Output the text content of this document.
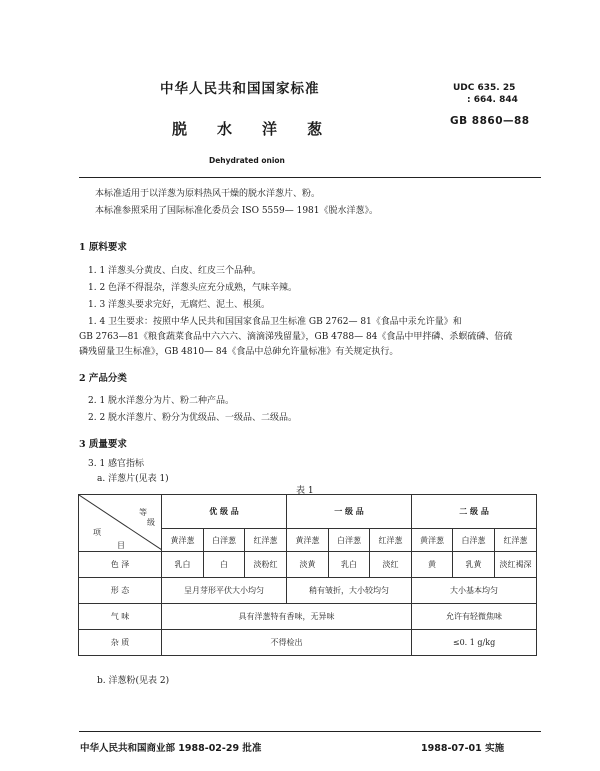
中华人民共和国国家标准	UDC 635. 25
: 664. 844
脱 水 洋 葱	GB 8860—88
Dehydrated onion
本标准适用于以洋葱为原料热风干燥的脱水洋葱片、粉。
本标准参照采用了国际标准化委员会 ISO 5559— 1981《脱水洋葱》。
1 原料要求
1. 1 洋葱头分黄皮、白皮、红皮三个品种。
1. 2 色泽不得混杂，洋葱头应充分成熟，气味辛辣。
1. 3 洋葱头要求完好，无腐烂、泥土、根须。
1. 4 卫生要求：按照中华人民共和国国家食品卫生标准 GB 2762— 81《食品中汞允许量》和
GB 2763—81《粮食蔬菜食品中六六六、滴滴涕残留量》，GB 4788— 84《食品中甲拌磷、杀螟硫磷、倍硫
磷残留量卫生标准》，GB 4810— 84《食品中总砷允许量标准》有关规定执行。
2 产品分类
2. 1 脱水洋葱分为片、粉二种产品。
2. 2 脱水洋葱片、粉分为优级品、一级品、二级品。
3 质量要求
3. 1 感官指标
a. 洋葱片(见表 1)
表 1
等
级
项
目	优 级 品			一 级 品			二 级 品		
	黄洋葱	白洋葱	红洋葱	黄洋葱	白洋葱	红洋葱	黄洋葱	白洋葱	红洋葱
色 泽	乳白	白	淡粉红	淡黄	乳白	淡红	黄	乳黄	淡红褐深
形 态	呈月芽形平伏大小均匀			稍有皱折，大小较均匀			大小基本均匀		
气 味	具有洋葱特有香味，无异味						允许有轻微焦味		
杂 质	不得检出						≤0. 1 g/kg		
b. 洋葱粉(见表 2)
中华人民共和国商业部 1988-02-29 批准	1988-07-01 实施
